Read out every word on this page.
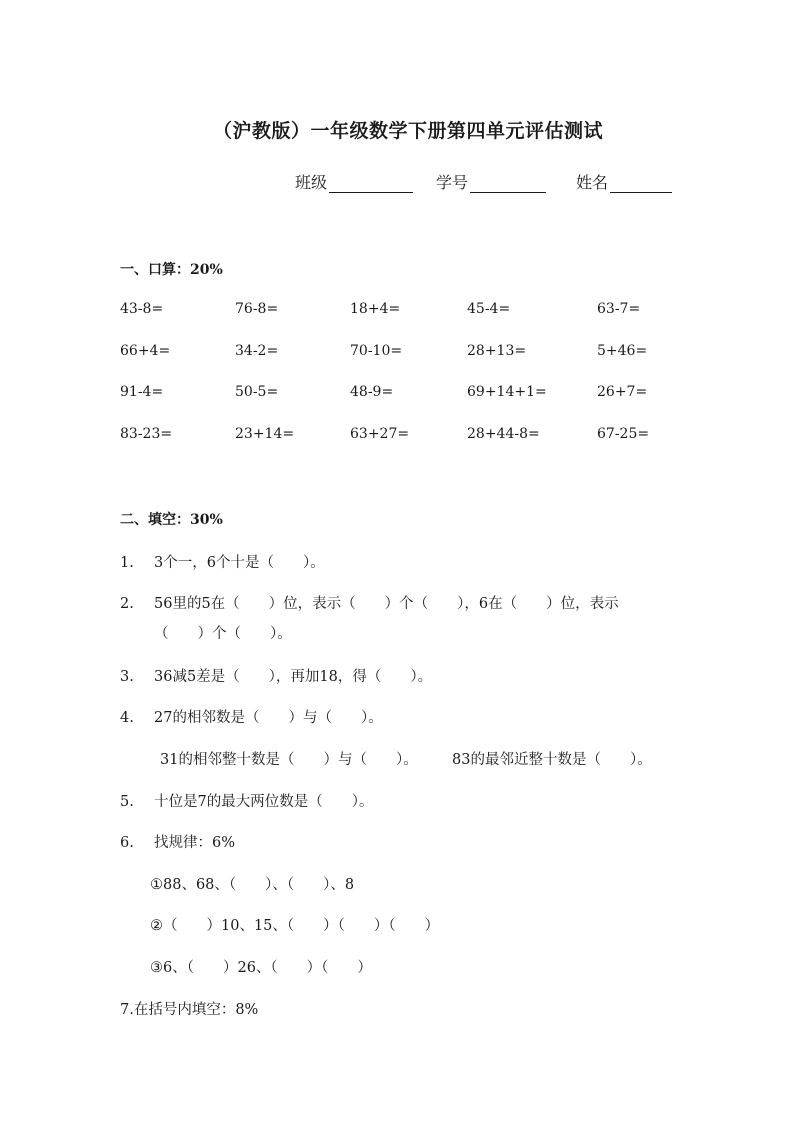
（沪教版）一年级数学下册第四单元评估测试
班级	学号	姓名
一、口算：20%
43-8=	76-8=	18+4=	45-4=	63-7=
66+4=	34-2=	70-10=	28+13=	5+46=
91-4=	50-5=	48-9=	69+14+1=	26+7=
83-23=	23+14=	63+27=	28+44-8=	67-25=
二、填空：30%
1. 3个一，6个十是（　　）。
2. 56里的5在（　　）位，表示（　　）个（　　），6在（　　）位，表示
（　　）个（　　）。
3. 36减5差是（　　），再加18，得（　　）。
4. 27的相邻数是（　　）与（　　）。
31的相邻整十数是（　　）与（　　）。 83的最邻近整十数是（　　）。
5. 十位是7的最大两位数是（　　）。
6. 找规律：6%
①88、68、（　　）、（　　）、8
②（　　）10、15、（　　）（　　）（　　）
③6、（　　）26、（　　）（　　）
7.在括号内填空：8%
